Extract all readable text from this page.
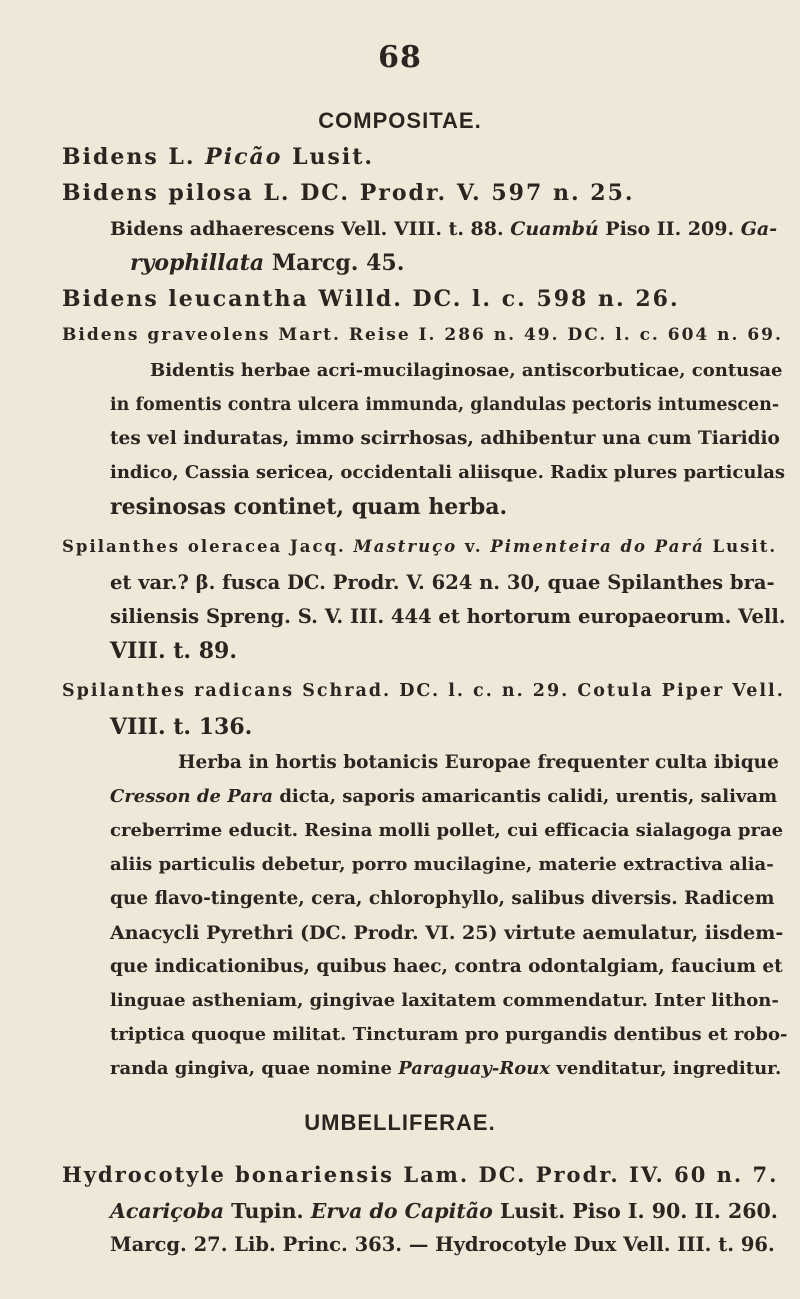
68
COMPOSITAE.
Bidens L. Picão Lusit.
Bidens pilosa L. DC. Prodr. V. 597 n. 25.
Bidens adhaerescens Vell. VIII. t. 88. Cuambú Piso II. 209. Ga-
ryophillata Marcg. 45.
Bidens leucantha Willd. DC. l. c. 598 n. 26.
Bidens graveolens Mart. Reise I. 286 n. 49. DC. l. c. 604 n. 69.
Bidentis herbae acri-mucilaginosae, antiscorbuticae, contusae
in fomentis contra ulcera immunda, glandulas pectoris intumescen-
tes vel induratas, immo scirrhosas, adhibentur una cum Tiaridio
indico, Cassia sericea, occidentali aliisque. Radix plures particulas
resinosas continet, quam herba.
Spilanthes oleracea Jacq. Mastruço v. Pimenteira do Pará Lusit.
et var.? β. fusca DC. Prodr. V. 624 n. 30, quae Spilanthes bra-
siliensis Spreng. S. V. III. 444 et hortorum europaeorum. Vell.
VIII. t. 89.
Spilanthes radicans Schrad. DC. l. c. n. 29. Cotula Piper Vell.
VIII. t. 136.
Herba in hortis botanicis Europae frequenter culta ibique
Cresson de Para dicta, saporis amaricantis calidi, urentis, salivam
creberrime educit. Resina molli pollet, cui efficacia sialagoga prae
aliis particulis debetur, porro mucilagine, materie extractiva alia-
que flavo-tingente, cera, chlorophyllo, salibus diversis. Radicem
Anacycli Pyrethri (DC. Prodr. VI. 25) virtute aemulatur, iisdem-
que indicationibus, quibus haec, contra odontalgiam, faucium et
linguae astheniam, gingivae laxitatem commendatur. Inter lithon-
triptica quoque militat. Tincturam pro purgandis dentibus et robo-
randa gingiva, quae nomine Paraguay-Roux venditatur, ingreditur.
UMBELLIFERAE.
Hydrocotyle bonariensis Lam. DC. Prodr. IV. 60 n. 7.
Acariçoba Tupin. Erva do Capitão Lusit. Piso I. 90. II. 260.
Marcg. 27. Lib. Princ. 363. — Hydrocotyle Dux Vell. III. t. 96.
